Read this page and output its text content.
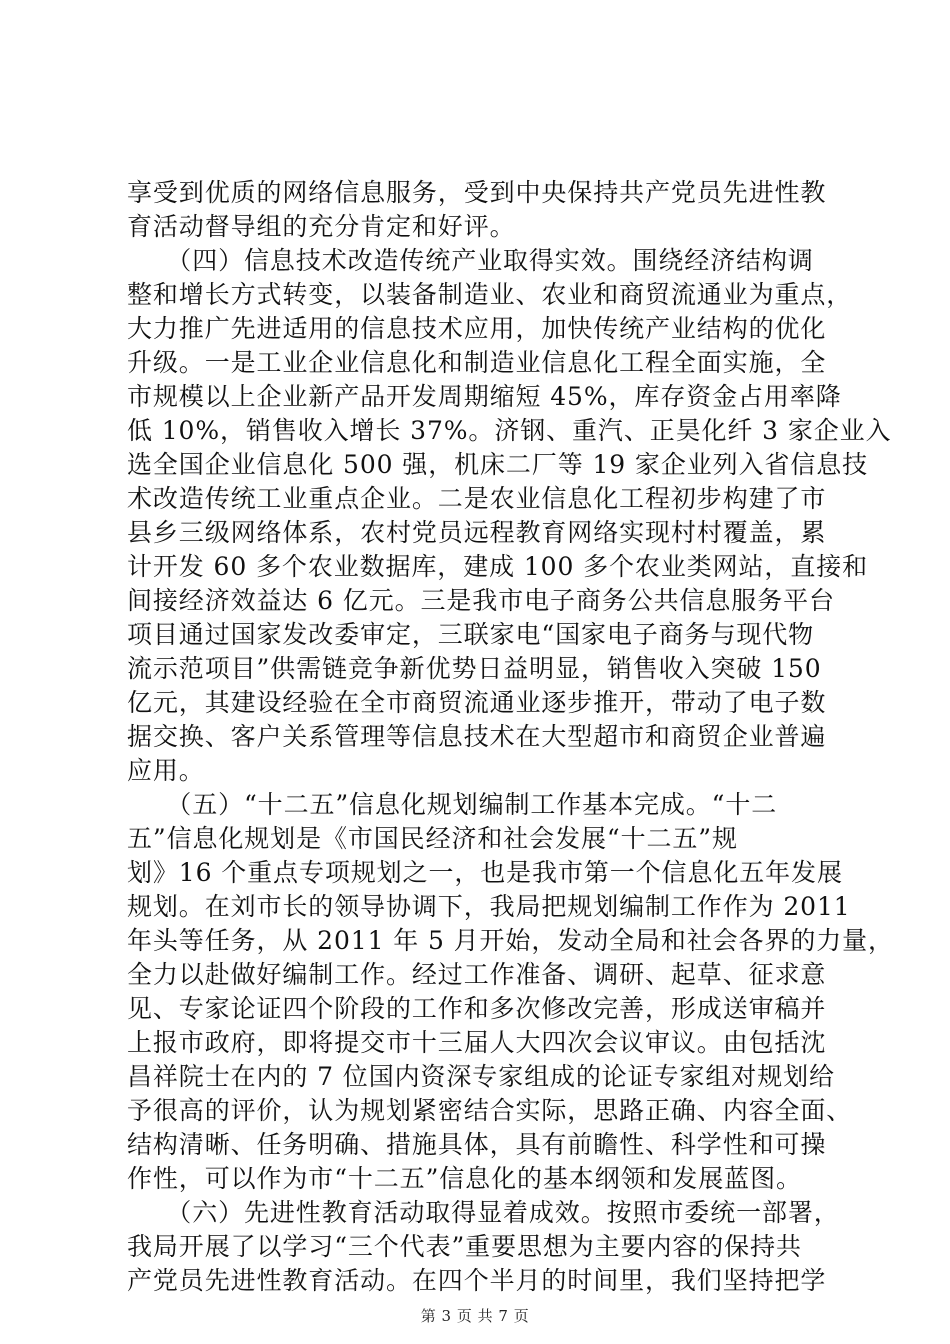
享受到优质的网络信息服务，受到中央保持共产党员先进性教
育活动督导组的充分肯定和好评。
　　（四）信息技术改造传统产业取得实效。围绕经济结构调
整和增长方式转变，以装备制造业、农业和商贸流通业为重点，
大力推广先进适用的信息技术应用，加快传统产业结构的优化
升级。一是工业企业信息化和制造业信息化工程全面实施，全
市规模以上企业新产品开发周期缩短 45%，库存资金占用率降
低 10%，销售收入增长 37%。济钢、重汽、正昊化纤 3 家企业入
选全国企业信息化 500 强，机床二厂等 19 家企业列入省信息技
术改造传统工业重点企业。二是农业信息化工程初步构建了市
县乡三级网络体系，农村党员远程教育网络实现村村覆盖，累
计开发 60 多个农业数据库，建成 100 多个农业类网站，直接和
间接经济效益达 6 亿元。三是我市电子商务公共信息服务平台
项目通过国家发改委审定，三联家电“国家电子商务与现代物
流示范项目”供需链竞争新优势日益明显，销售收入突破 150
亿元，其建设经验在全市商贸流通业逐步推开，带动了电子数
据交换、客户关系管理等信息技术在大型超市和商贸企业普遍
应用。
　　（五）“十二五”信息化规划编制工作基本完成。“十二
五”信息化规划是《市国民经济和社会发展“十二五”规
划》16 个重点专项规划之一，也是我市第一个信息化五年发展
规划。在刘市长的领导协调下，我局把规划编制工作作为 2011
年头等任务，从 2011 年 5 月开始，发动全局和社会各界的力量，
全力以赴做好编制工作。经过工作准备、调研、起草、征求意
见、专家论证四个阶段的工作和多次修改完善，形成送审稿并
上报市政府，即将提交市十三届人大四次会议审议。由包括沈
昌祥院士在内的 7 位国内资深专家组成的论证专家组对规划给
予很高的评价，认为规划紧密结合实际，思路正确、内容全面、
结构清晰、任务明确、措施具体，具有前瞻性、科学性和可操
作性，可以作为市“十二五”信息化的基本纲领和发展蓝图。
　　（六）先进性教育活动取得显着成效。按照市委统一部署，
我局开展了以学习“三个代表”重要思想为主要内容的保持共
产党员先进性教育活动。在四个半月的时间里，我们坚持把学
第 3 页 共 7 页
